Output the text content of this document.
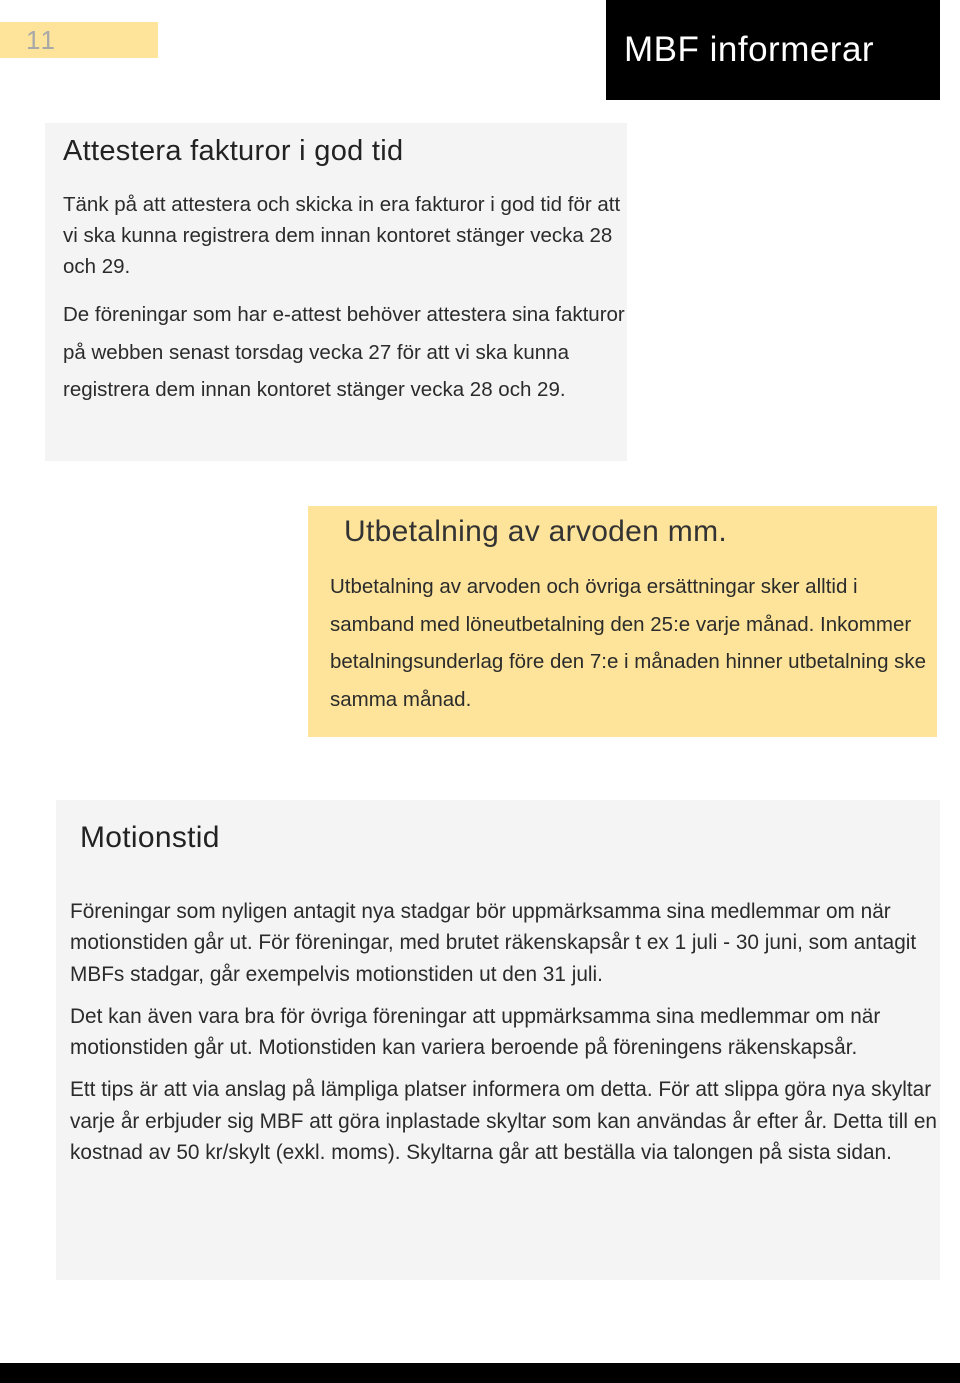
11	MBF informerar
Attestera fakturor i god tid

Tänk på att attestera och skicka in era fakturor i god tid för att vi ska kunna registrera dem innan kontoret stänger vecka 28 och 29.

De föreningar som har e-attest behöver attestera sina fakturor på webben senast torsdag vecka 27 för att vi ska kunna registrera dem innan kontoret stänger vecka 28 och 29.

Utbetalning av arvoden mm.

Utbetalning av arvoden och övriga ersättningar sker alltid i samband med löneutbetalning den 25:e varje månad. Inkommer betalningsunderlag före den 7:e i månaden hinner utbetalning ske samma månad.

Motionstid

Föreningar som nyligen antagit nya stadgar bör uppmärksamma sina medlemmar om när motionstiden går ut. För föreningar, med brutet räkenskapsår t ex 1 juli - 30 juni, som antagit MBFs stadgar, går exempelvis motionstiden ut den 31 juli.

Det kan även vara bra för övriga föreningar att uppmärksamma sina medlemmar om när motionstiden går ut. Motionstiden kan variera beroende på föreningens räkenskapsår.

Ett tips är att via anslag på lämpliga platser informera om detta. För att slippa göra nya skyltar varje år erbjuder sig MBF att göra inplastade skyltar som kan användas år efter år. Detta till en kostnad av 50 kr/skylt (exkl. moms). Skyltarna går att beställa via talongen på sista sidan.
